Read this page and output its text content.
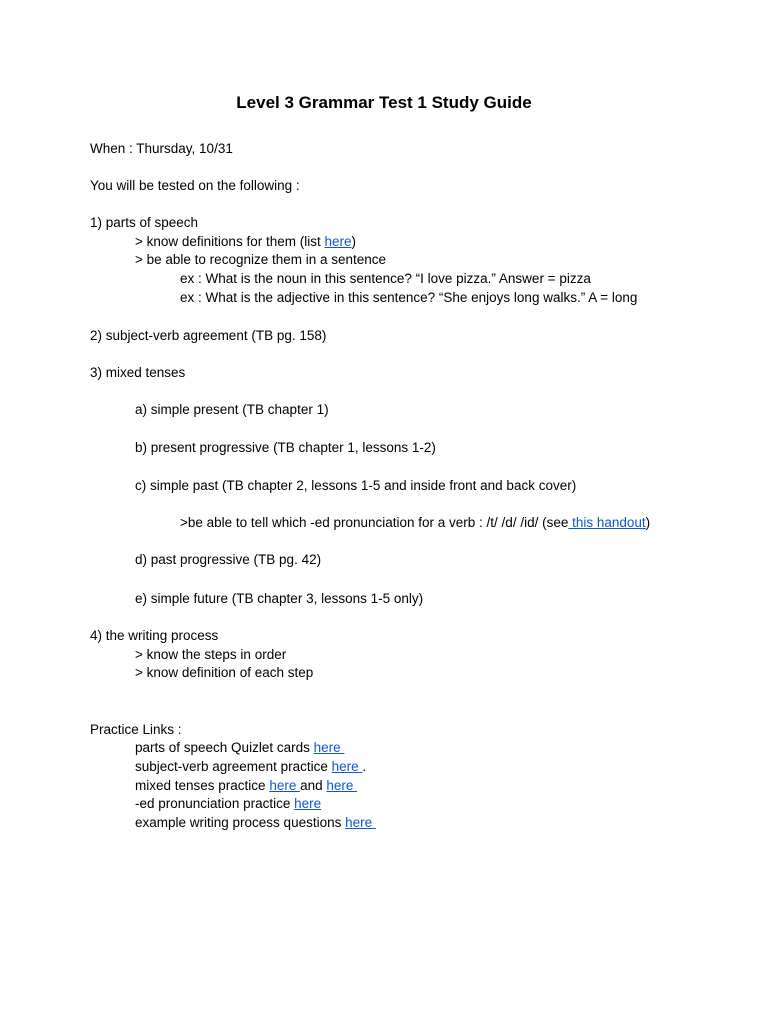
Level 3 Grammar Test 1 Study Guide
When : Thursday, 10/31
You will be tested on the following :
1) parts of speech
> know definitions for them (list here)
> be able to recognize them in a sentence
ex : What is the noun in this sentence? “I love pizza.” Answer = pizza
ex : What is the adjective in this sentence? “She enjoys long walks.” A = long
2) subject-verb agreement (TB pg. 158)
3) mixed tenses
a) simple present (TB chapter 1)
b) present progressive (TB chapter 1, lessons 1-2)
c) simple past (TB chapter 2, lessons 1-5 and inside front and back cover)
>be able to tell which -ed pronunciation for a verb : /t/ /d/ /id/ (see this handout)
d) past progressive (TB pg. 42)
e) simple future (TB chapter 3, lessons 1-5 only)
4) the writing process
> know the steps in order
> know definition of each step
Practice Links :
parts of speech Quizlet cards here
subject-verb agreement practice here .
mixed tenses practice here and here
-ed pronunciation practice here
example writing process questions here
